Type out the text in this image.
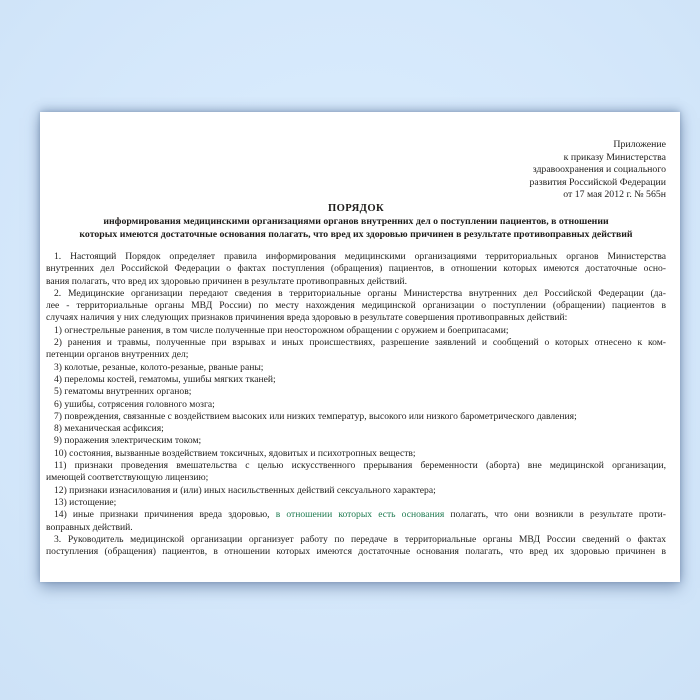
Приложение
к приказу Министерства
здравоохранения и социального
развития Российской Федерации
от 17 мая 2012 г. № 565н
ПОРЯДОК
информирования медицинскими организациями органов внутренних дел о поступлении пациентов, в отношении
которых имеются достаточные основания полагать, что вред их здоровью причинен в результате противоправных действий
1. Настоящий Порядок определяет правила информирования медицинскими организациями территориальных органов Министерства
внутренних дел Российской Федерации о фактах поступления (обращения) пациентов, в отношении которых имеются достаточные осно-
вания полагать, что вред их здоровью причинен в результате противоправных действий.
2. Медицинские организации передают сведения в территориальные органы Министерства внутренних дел Российской Федерации (да-
лее - территориальные органы МВД России) по месту нахождения медицинской организации о поступлении (обращении) пациентов в
случаях наличия у них следующих признаков причинения вреда здоровью в результате совершения противоправных действий:
1) огнестрельные ранения, в том числе полученные при неосторожном обращении с оружием и боеприпасами;
2) ранения и травмы, полученные при взрывах и иных происшествиях, разрешение заявлений и сообщений о которых отнесено к ком-
петенции органов внутренних дел;
3) колотые, резаные, колото-резаные, рваные раны;
4) переломы костей, гематомы, ушибы мягких тканей;
5) гематомы внутренних органов;
6) ушибы, сотрясения головного мозга;
7) повреждения, связанные с воздействием высоких или низких температур, высокого или низкого барометрического давления;
8) механическая асфиксия;
9) поражения электрическим током;
10) состояния, вызванные воздействием токсичных, ядовитых и психотропных веществ;
11) признаки проведения вмешательства с целью искусственного прерывания беременности (аборта) вне медицинской организации,
имеющей соответствующую лицензию;
12) признаки изнасилования и (или) иных насильственных действий сексуального характера;
13) истощение;
14) иные признаки причинения вреда здоровью, в отношении которых есть основания полагать, что они возникли в результате проти-
воправных действий.
3. Руководитель медицинской организации организует работу по передаче в территориальные органы МВД России сведений о фактах
поступления (обращения) пациентов, в отношении которых имеются достаточные основания полагать, что вред их здоровью причинен в
